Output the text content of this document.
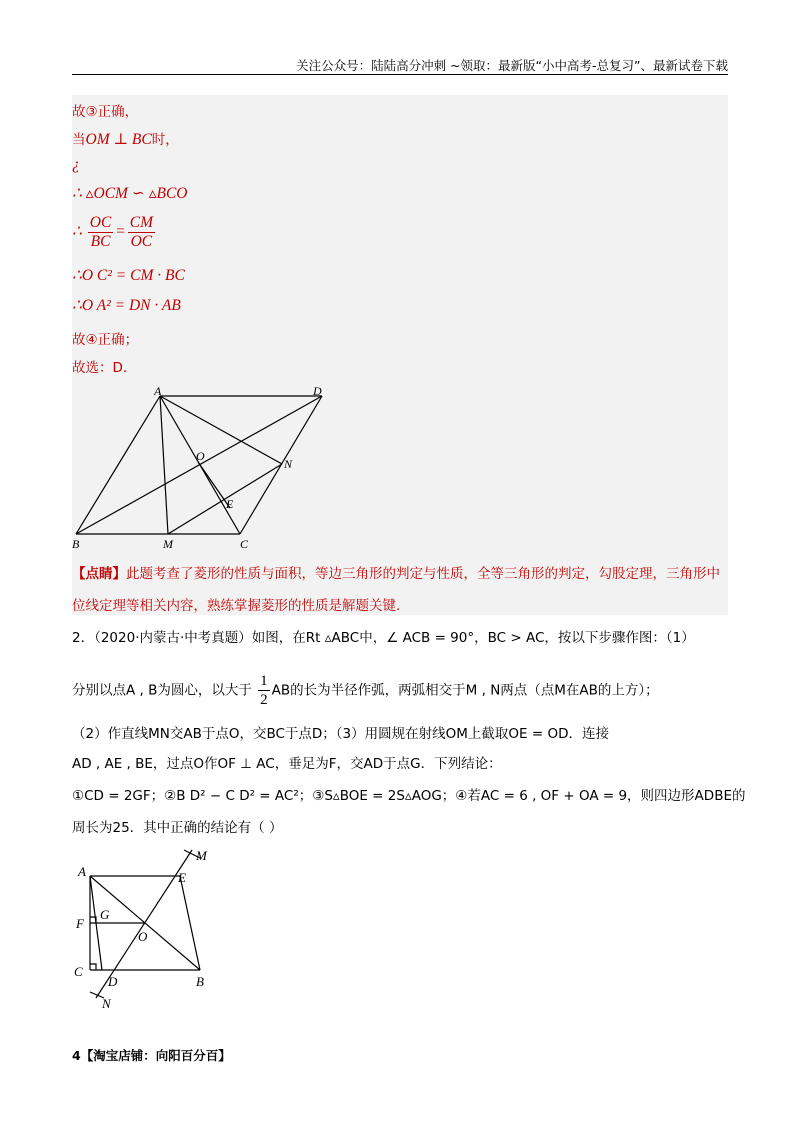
关注公众号：陆陆高分冲刺 ~领取：最新版“小中高考-总复习”、最新试卷下载
故③正确，
当OM ⊥ BC时，
¿
∴ ▵OCM ∽ ▵BCO
∴ $\frac{OC}{BC} = \frac{CM}{OC}$
∴O C² = CM · BC
∴O A² = DN · AB
故④正确；
故选：D.
A	D
O
N
E
B	M	C
【点睛】此题考查了菱形的性质与面积，等边三角形的判定与性质，全等三角形的判定，勾股定理，三角形中位线定理等相关内容，熟练掌握菱形的性质是解题关键.
2．（2020·内蒙古·中考真题）如图，在Rt ▵ABC中，∠ ACB = 90°，BC > AC，按以下步骤作图：（1）
分别以点A , B为圆心，以大于 $\frac{1}{2}$ AB的长为半径作弧，两弧相交于M , N两点（点M在AB的上方）；
（2）作直线MN交AB于点O，交BC于点D；（3）用圆规在射线OM上截取OE = OD．连接
AD , AE , BE，过点O作OF ⊥ AC，垂足为F，交AD于点G．下列结论：
①CD = 2GF；②B D² − C D² = AC²；③S▵BOE = 2S▵AOG；④若AC = 6 , OF + OA = 9，则四边形ADBE的
周长为25．其中正确的结论有（ ）
A	E
M
F
G
O
C
D	B
N
4【淘宝店铺：向阳百分百】
